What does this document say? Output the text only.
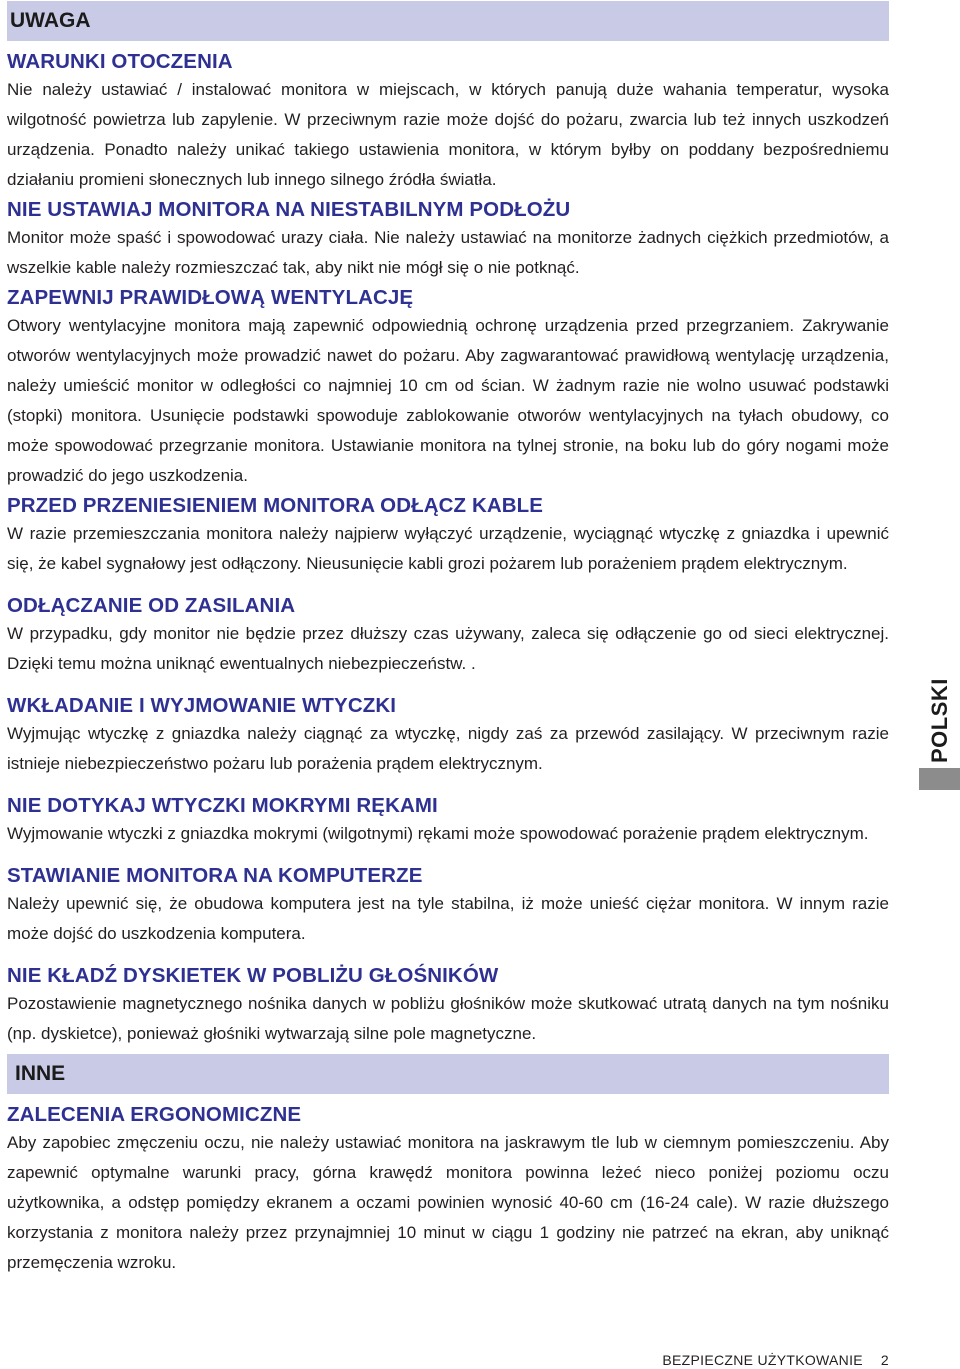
UWAGA
WARUNKI OTOCZENIA

Nie należy ustawiać / instalować monitora w miejscach, w których panują duże wahania temperatur, wysoka wilgotność powietrza lub zapylenie. W przeciwnym razie może dojść do pożaru, zwarcia lub też innych uszkodzeń urządzenia. Ponadto należy unikać takiego ustawienia monitora, w którym byłby on poddany bezpośredniemu działaniu promieni słonecznych lub innego silnego źródła światła.

NIE USTAWIAJ MONITORA NA NIESTABILNYM PODŁOŻU

Monitor może spaść i spowodować urazy ciała. Nie należy ustawiać na monitorze żadnych ciężkich przedmiotów, a wszelkie kable należy rozmieszczać tak, aby nikt nie mógł się o nie potknąć.

ZAPEWNIJ PRAWIDŁOWĄ WENTYLACJĘ

Otwory wentylacyjne monitora mają zapewnić odpowiednią ochronę urządzenia przed przegrzaniem. Zakrywanie otworów wentylacyjnych może prowadzić nawet do pożaru. Aby zagwarantować prawidłową wentylację urządzenia, należy umieścić monitor w odległości co najmniej 10 cm od ścian. W żadnym razie nie wolno usuwać podstawki (stopki) monitora. Usunięcie podstawki spowoduje zablokowanie otworów wentylacyjnych na tyłach obudowy, co może spowodować przegrzanie monitora. Ustawianie monitora na tylnej stronie, na boku lub do góry nogami może prowadzić do jego uszkodzenia.

PRZED PRZENIESIENIEM MONITORA ODŁĄCZ KABLE

W razie przemieszczania monitora należy najpierw wyłączyć urządzenie, wyciągnąć wtyczkę z gniazdka i upewnić się, że kabel sygnałowy jest odłączony. Nieusunięcie kabli grozi pożarem lub porażeniem prądem elektrycznym.

ODŁĄCZANIE OD ZASILANIA

W przypadku, gdy monitor nie będzie przez dłuższy czas używany, zaleca się odłączenie go od sieci elektrycznej. Dzięki temu można uniknąć ewentualnych niebezpieczeństw. .

WKŁADANIE I WYJMOWANIE WTYCZKI

Wyjmując wtyczkę z gniazdka należy ciągnąć za wtyczkę, nigdy zaś za przewód zasilający. W przeciwnym razie istnieje niebezpieczeństwo pożaru lub porażenia prądem elektrycznym.

NIE DOTYKAJ WTYCZKI MOKRYMI RĘKAMI

Wyjmowanie wtyczki z gniazdka mokrymi (wilgotnymi) rękami może spowodować porażenie prądem elektrycznym.

STAWIANIE MONITORA NA KOMPUTERZE

Należy upewnić się, że obudowa komputera jest na tyle stabilna, iż może unieść ciężar monitora. W innym razie może dojść do uszkodzenia komputera.

NIE KŁADŹ DYSKIETEK W POBLIŻU GŁOŚNIKÓW

Pozostawienie magnetycznego nośnika danych w pobliżu głośników może skutkować utratą danych na tym nośniku (np. dyskietce), ponieważ głośniki wytwarzają silne pole magnetyczne.

INNE
ZALECENIA ERGONOMICZNE

Aby zapobiec zmęczeniu oczu, nie należy ustawiać monitora na jaskrawym tle lub w ciemnym pomieszczeniu. Aby zapewnić optymalne warunki pracy, górna krawędź monitora powinna leżeć nieco poniżej poziomu oczu użytkownika, a odstęp pomiędzy ekranem a oczami powinien wynosić 40-60 cm (16-24 cale). W razie dłuższego korzystania z monitora należy przez przynajmniej 10 minut w ciągu 1 godziny nie patrzeć na ekran, aby uniknąć przemęczenia wzroku.

POLSKI
BEZPIECZNE UŻYTKOWANIE 2
